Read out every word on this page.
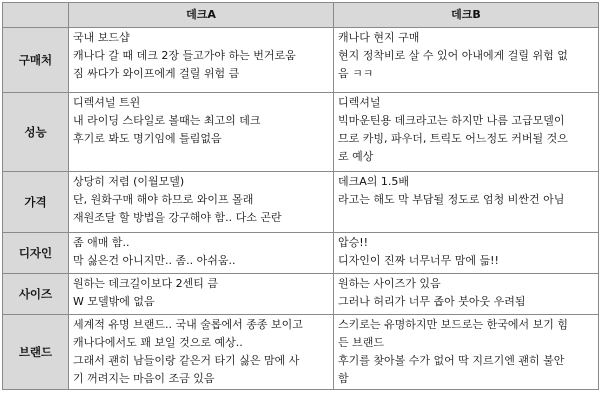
	데크A	데크B
구매처	국내 보드샵
캐나다 갈 때 데크 2장 들고가야 하는 번거로움
짐 싸다가 와이프에게 걸릴 위험 큼	캐나다 현지 구매
현지 정착비로 살 수 있어 아내에게 걸릴 위험 없
음 ㅋㅋ

성능	디렉셔널 트윈
내 라이딩 스타일로 볼때는 최고의 데크
후기로 봐도 명기임에 틀림없음	디렉셔널
빅마운틴용 데크라고는 하지만 나름 고급모델이
므로 카빙, 파우더, 트릭도 어느정도 커버될 것으
로 예상

가격	상당히 저렴 (이월모델)
단, 원화구매 해야 하므로 와이프 몰래
재원조달 할 방법을 강구해야 함.. 다소 곤란	데크A의 1.5배
라고는 해도 막 부담될 정도로 엄청 비싼건 아님

디자인	좀 애매 함..
막 싫은건 아니지만.. 좀.. 아쉬움..	압승!!
디자인이 진짜 너무너무 맘에 듦!!

사이즈	원하는 데크길이보다 2센티 큼
W 모델밖에 없음	원하는 사이즈가 있음
그러나 허리가 너무 좁아 붓아웃 우려됨

브랜드	세계적 유명 브랜드.. 국내 술롭에서 종종 보이고
캐나다에서도 꽤 보일 것으로 예상..
그래서 괜히 남들이랑 같은거 타기 싫은 맘에 사
기 꺼려지는 마음이 조금 있음	스키로는 유명하지만 보드로는 한국에서 보기 힘
든 브랜드
후기를 찾아볼 수가 없어 딱 지르기엔 괜히 불안
함
